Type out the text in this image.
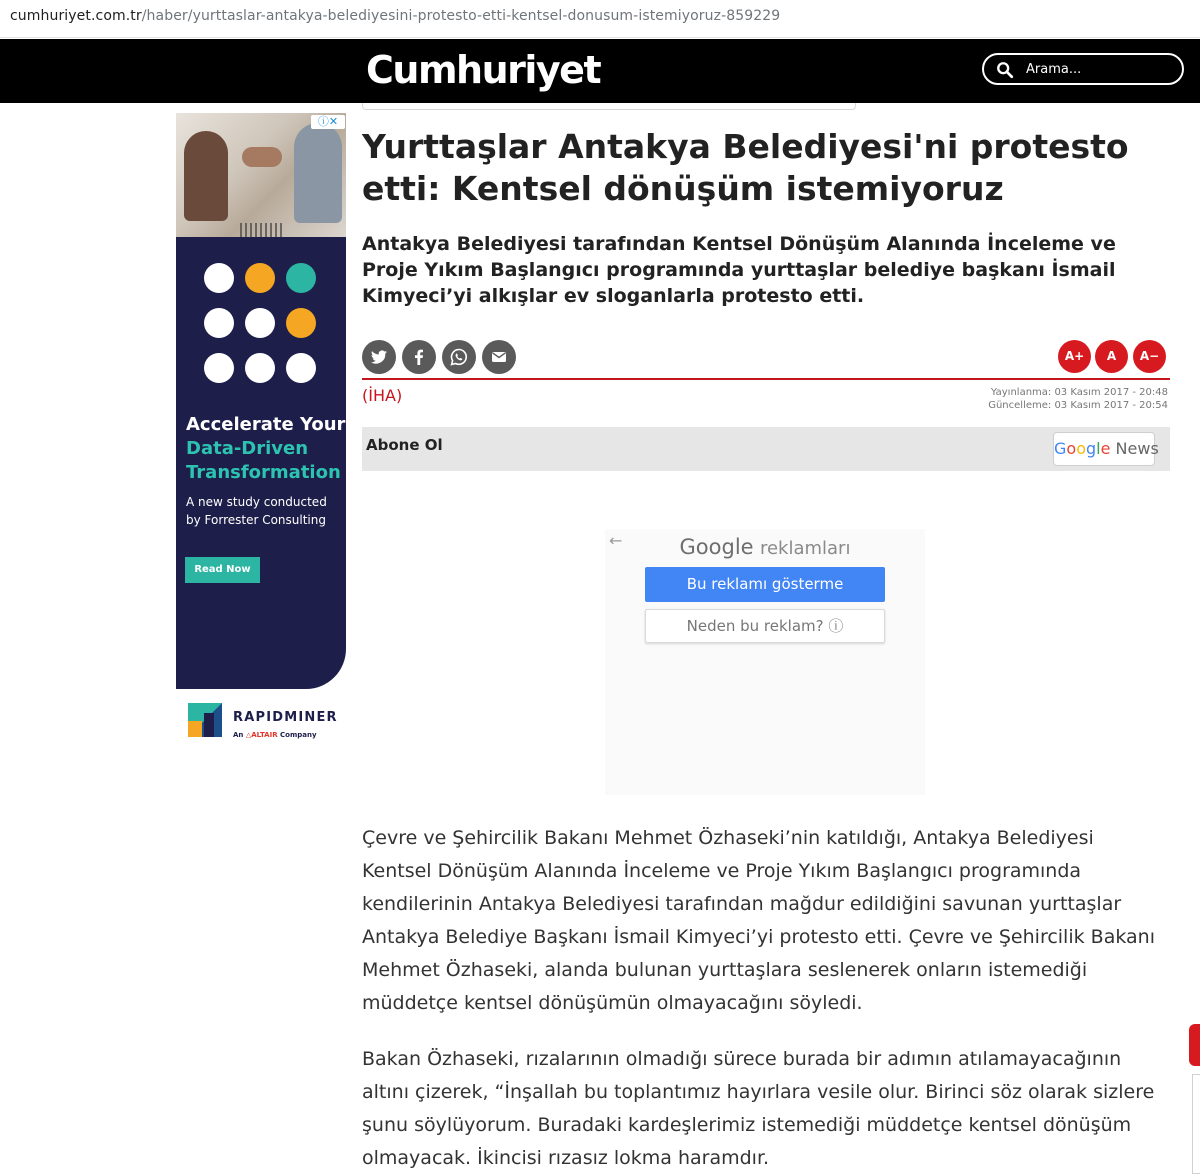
cumhuriyet.com.tr/haber/yurttaslar-antakya-belediyesini-protesto-etti-kentsel-donusum-istemiyoruz-859229
Cumhuriyet	Arama...
ⓘ✕
Accelerate Your
Data-Driven Transformation
A new study conducted by Forrester Consulting
Read Now
RAPIDMINER
An △ALTAIR Company
Yurttaşlar Antakya Belediyesi'ni protesto etti: Kentsel dönüşüm istemiyoruz
Antakya Belediyesi tarafından Kentsel Dönüşüm Alanında İnceleme ve Proje Yıkım Başlangıcı programında yurttaşlar belediye başkanı İsmail Kimyeci’yi alkışlar ev sloganlarla protesto etti.
A+	A	A−
(İHA)	Yayınlanma: 03 Kasım 2017 - 20:48
Güncelleme: 03 Kasım 2017 - 20:54
Abone Ol	Google News
←	Google reklamları
Bu reklamı gösterme
Neden bu reklam? ⓘ

Çevre ve Şehircilik Bakanı Mehmet Özhaseki’nin katıldığı, Antakya Belediyesi Kentsel Dönüşüm Alanında İnceleme ve Proje Yıkım Başlangıcı programında kendilerinin Antakya Belediyesi tarafından mağdur edildiğini savunan yurttaşlar Antakya Belediye Başkanı İsmail Kimyeci’yi protesto etti. Çevre ve Şehircilik Bakanı Mehmet Özhaseki, alanda bulunan yurttaşlara seslenerek onların istemediği müddetçe kentsel dönüşümün olmayacağını söyledi.

Bakan Özhaseki, rızalarının olmadığı sürece burada bir adımın atılamayacağının altını çizerek, “İnşallah bu toplantımız hayırlara vesile olur. Birinci söz olarak sizlere şunu söylüyorum. Buradaki kardeşlerimiz istemediği müddetçe kentsel dönüşüm olmayacak. İkincisi rızasız lokma haramdır.
